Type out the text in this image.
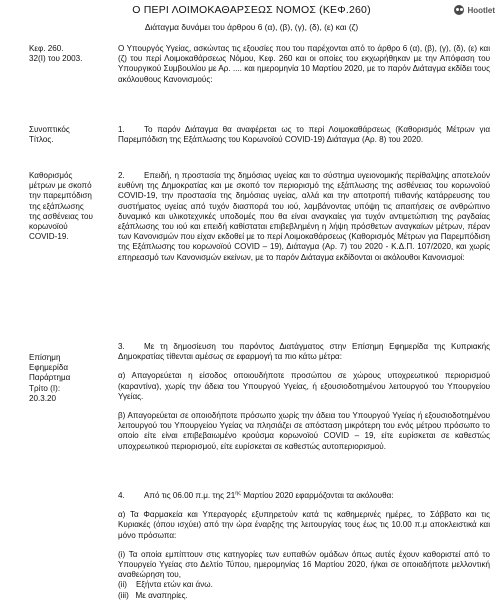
Ο ΠΕΡΙ ΛΟΙΜΟΚΑΘΑΡΣΕΩΣ ΝΟΜΟΣ (ΚΕΦ.260)
Διάταγμα δυνάμει του άρθρου 6 (α), (β), (γ), (δ), (ε) και (ζ)
Hootlet
Κεφ. 260.
32(Ι) του 2003.

Ο Υπουργός Υγείας, ασκώντας τις εξουσίες που του παρέχονται από το άρθρο 6 (α), (β), (γ), (δ), (ε) και (ζ) του περί Λοιμοκαθάρσεως Νόμου, Κεφ. 260 και οι οποίες του εκχωρήθηκαν με την Απόφαση του Υπουργικού Συμβουλίου με Αρ. .... και ημερομηνία 10 Μαρτίου 2020, με το παρόν Διάταγμα εκδίδει τους ακόλουθους Κανονισμούς:

Συνοπτικός
Τίτλος.

1. Το παρόν Διάταγμα θα αναφέρεται ως το περί Λοιμοκαθάρσεως (Καθορισμός Μέτρων για Παρεμπόδιση της Εξάπλωσης του Κορωνοϊού COVID-19) Διάταγμα (Αρ. 8) του 2020.

Καθορισμός
μέτρων με σκοπό
την παρεμπόδιση
της εξάπλωσης
της ασθένειας του
κορωνοϊού
COVID-19.

2. Επειδή, η προστασία της δημόσιας υγείας και το σύστημα υγειονομικής περίθαλψης αποτελούν ευθύνη της Δημοκρατίας και με σκοπό τον περιορισμό της εξάπλωσης της ασθένειας του κορωνοϊού COVID-19, την προστασία της δημόσιας υγείας, αλλά και την αποτροπή πιθανής κατάρρευσης του συστήματος υγείας από τυχόν διασπορά του ιού, λαμβάνοντας υπόψη τις απαιτήσεις σε ανθρώπινο δυναμικό και υλικοτεχνικές υποδομές που θα είναι αναγκαίες για τυχόν αντιμετώπιση της ραγδαίας εξάπλωσης του ιού και επειδή καθίσταται επιβεβλημένη η λήψη πρόσθετων αναγκαίων μέτρων, πέραν των Κανονισμών που είχαν εκδοθεί με το περί Λοιμοκαθάρσεως (Καθορισμός Μέτρων για Παρεμπόδιση της Εξάπλωσης του κορωνοϊού COVID – 19), Διάταγμα (Αρ. 7) του 2020 - Κ.Δ.Π. 107/2020, και χωρίς επηρεασμό των Κανονισμών εκείνων, με το παρόν Διάταγμα εκδίδονται οι ακόλουθοι Κανονισμοί:

Επίσημη
Εφημερίδα
Παράρτημα
Τρίτο (Ι):
20.3.20

3. Με τη δημοσίευση του παρόντος Διατάγματος στην Επίσημη Εφημερίδα της Κυπριακής Δημοκρατίας τίθενται αμέσως σε εφαρμογή τα πιο κάτω μέτρα:

α) Απαγορεύεται η είσοδος οποιουδήποτε προσώπου σε χώρους υποχρεωτικού περιορισμού (καραντίνα), χωρίς την άδεια του Υπουργού Υγείας, ή εξουσιοδοτημένου λειτουργού του Υπουργείου Υγείας.

β) Απαγορεύεται σε οποιοδήποτε πρόσωπο χωρίς την άδεια του Υπουργού Υγείας ή εξουσιοδοτημένου λειτουργού του Υπουργείου Υγείας να πλησιάζει σε απόσταση μικρότερη του ενός μέτρου πρόσωπο το οποίο είτε είναι επιβεβαιωμένο κρούσμα κορωνοϊού COVID – 19, είτε ευρίσκεται σε καθεστώς υποχρεωτικού περιορισμού, είτε ευρίσκεται σε καθεστώς αυτοπεριορισμού.

4. Από τις 06.00 π.μ. της $21^{\eta\varsigma}$ Μαρτίου 2020 εφαρμόζονται τα ακόλουθα:

α) Τα Φαρμακεία και Υπεραγορές εξυπηρετούν κατά τις καθημερινές ημέρες, το Σάββατο και τις Κυριακές (όπου ισχύει) από την ώρα έναρξης της λειτουργίας τους έως τις 10.00 π.μ αποκλειστικά και μόνο πρόσωπα:

(i) Τα οποία εμπίπτουν στις κατηγορίες των ευπαθών ομάδων όπως αυτές έχουν καθοριστεί από το Υπουργείο Υγείας στο Δελτίο Τύπου, ημερομηνίας 16 Μαρτίου 2020, ή/και σε οποιαδήποτε μελλοντική αναθεώρηση του,

(ii)    Εξήντα ετών και άνω.

(iii)   Με αναπηρίες.
